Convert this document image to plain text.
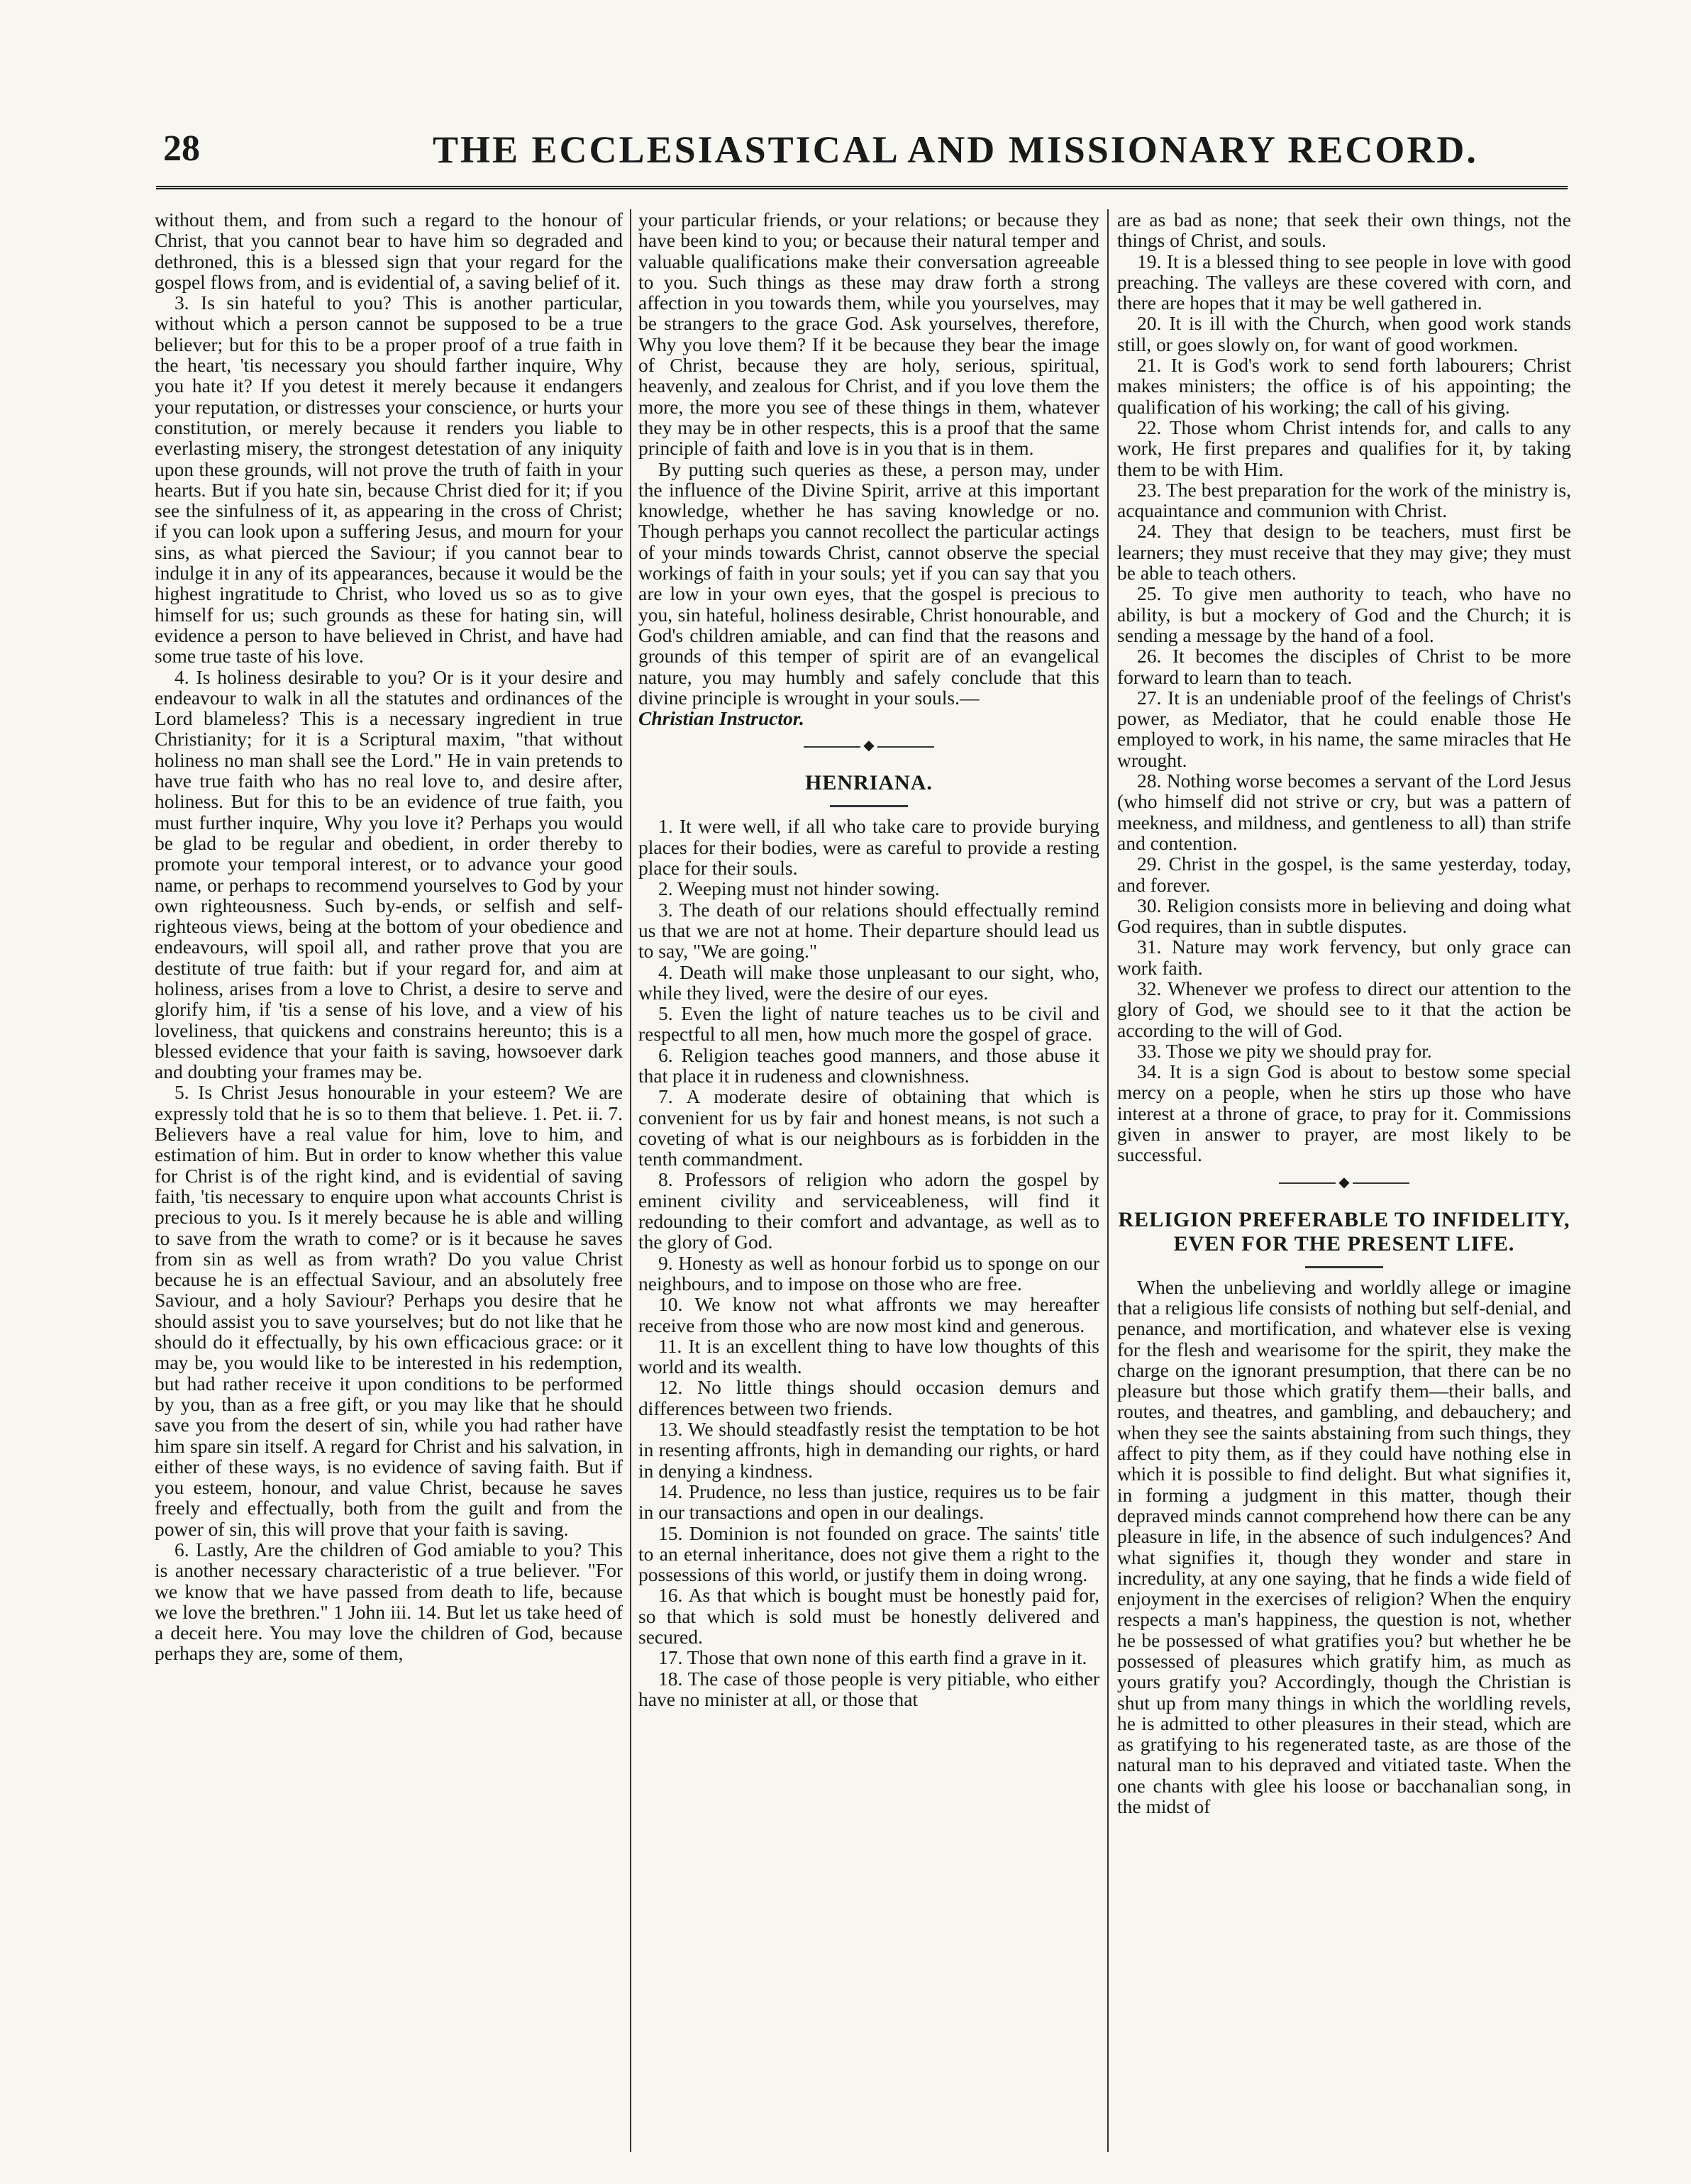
28	THE ECCLESIASTICAL AND MISSIONARY RECORD.

without them, and from such a regard to the honour of Christ, that you cannot bear to have him so degraded and dethroned, this is a blessed sign that your regard for the gospel flows from, and is evidential of, a saving belief of it.

3. Is sin hateful to you? This is another particular, without which a person cannot be supposed to be a true believer; but for this to be a proper proof of a true faith in the heart, 'tis necessary you should farther inquire, Why you hate it? If you detest it merely because it endangers your reputation, or distresses your conscience, or hurts your constitution, or merely because it renders you liable to everlasting misery, the strongest detestation of any iniquity upon these grounds, will not prove the truth of faith in your hearts. But if you hate sin, because Christ died for it; if you see the sinfulness of it, as appearing in the cross of Christ; if you can look upon a suffering Jesus, and mourn for your sins, as what pierced the Saviour; if you cannot bear to indulge it in any of its appearances, because it would be the highest ingratitude to Christ, who loved us so as to give himself for us; such grounds as these for hating sin, will evidence a person to have believed in Christ, and have had some true taste of his love.

4. Is holiness desirable to you? Or is it your desire and endeavour to walk in all the statutes and ordinances of the Lord blameless? This is a necessary ingredient in true Christianity; for it is a Scriptural maxim, "that without holiness no man shall see the Lord." He in vain pretends to have true faith who has no real love to, and desire after, holiness. But for this to be an evidence of true faith, you must further inquire, Why you love it? Perhaps you would be glad to be regular and obedient, in order thereby to promote your temporal interest, or to advance your good name, or perhaps to recommend yourselves to God by your own righteousness. Such by-ends, or selfish and self-righteous views, being at the bottom of your obedience and endeavours, will spoil all, and rather prove that you are destitute of true faith: but if your regard for, and aim at holiness, arises from a love to Christ, a desire to serve and glorify him, if 'tis a sense of his love, and a view of his loveliness, that quickens and constrains hereunto; this is a blessed evidence that your faith is saving, howsoever dark and doubting your frames may be.

5. Is Christ Jesus honourable in your esteem? We are expressly told that he is so to them that believe. 1. Pet. ii. 7. Believers have a real value for him, love to him, and estimation of him. But in order to know whether this value for Christ is of the right kind, and is evidential of saving faith, 'tis necessary to enquire upon what accounts Christ is precious to you. Is it merely because he is able and willing to save from the wrath to come? or is it because he saves from sin as well as from wrath? Do you value Christ because he is an effectual Saviour, and an absolutely free Saviour, and a holy Saviour? Perhaps you desire that he should assist you to save yourselves; but do not like that he should do it effectually, by his own efficacious grace: or it may be, you would like to be interested in his redemption, but had rather receive it upon conditions to be performed by you, than as a free gift, or you may like that he should save you from the desert of sin, while you had rather have him spare sin itself. A regard for Christ and his salvation, in either of these ways, is no evidence of saving faith. But if you esteem, honour, and value Christ, because he saves freely and effectually, both from the guilt and from the power of sin, this will prove that your faith is saving.

6. Lastly, Are the children of God amiable to you? This is another necessary characteristic of a true believer. "For we know that we have passed from death to life, because we love the brethren." 1 John iii. 14. But let us take heed of a deceit here. You may love the children of God, because perhaps they are, some of them,

your particular friends, or your relations; or because they have been kind to you; or because their natural temper and valuable qualifications make their conversation agreeable to you. Such things as these may draw forth a strong affection in you towards them, while you yourselves, may be strangers to the grace God. Ask yourselves, therefore, Why you love them? If it be because they bear the image of Christ, because they are holy, serious, spiritual, heavenly, and zealous for Christ, and if you love them the more, the more you see of these things in them, whatever they may be in other respects, this is a proof that the same principle of faith and love is in you that is in them.

By putting such queries as these, a person may, under the influence of the Divine Spirit, arrive at this important knowledge, whether he has saving knowledge or no. Though perhaps you cannot recollect the particular actings of your minds towards Christ, cannot observe the special workings of faith in your souls; yet if you can say that you are low in your own eyes, that the gospel is precious to you, sin hateful, holiness desirable, Christ honourable, and God's children amiable, and can find that the reasons and grounds of this temper of spirit are of an evangelical nature, you may humbly and safely conclude that this divine principle is wrought in your souls.—

Christian Instructor.

◆
HENRIANA.

1. It were well, if all who take care to provide burying places for their bodies, were as careful to provide a resting place for their souls.

2. Weeping must not hinder sowing.

3. The death of our relations should effectually remind us that we are not at home. Their departure should lead us to say, "We are going."

4. Death will make those unpleasant to our sight, who, while they lived, were the desire of our eyes.

5. Even the light of nature teaches us to be civil and respectful to all men, how much more the gospel of grace.

6. Religion teaches good manners, and those abuse it that place it in rudeness and clownishness.

7. A moderate desire of obtaining that which is convenient for us by fair and honest means, is not such a coveting of what is our neighbours as is forbidden in the tenth commandment.

8. Professors of religion who adorn the gospel by eminent civility and serviceableness, will find it redounding to their comfort and advantage, as well as to the glory of God.

9. Honesty as well as honour forbid us to sponge on our neighbours, and to impose on those who are free.

10. We know not what affronts we may hereafter receive from those who are now most kind and generous.

11. It is an excellent thing to have low thoughts of this world and its wealth.

12. No little things should occasion demurs and differences between two friends.

13. We should steadfastly resist the temptation to be hot in resenting affronts, high in demanding our rights, or hard in denying a kindness.

14. Prudence, no less than justice, requires us to be fair in our transactions and open in our dealings.

15. Dominion is not founded on grace. The saints' title to an eternal inheritance, does not give them a right to the possessions of this world, or justify them in doing wrong.

16. As that which is bought must be honestly paid for, so that which is sold must be honestly delivered and secured.

17. Those that own none of this earth find a grave in it.

18. The case of those people is very pitiable, who either have no minister at all, or those that

are as bad as none; that seek their own things, not the things of Christ, and souls.

19. It is a blessed thing to see people in love with good preaching. The valleys are these covered with corn, and there are hopes that it may be well gathered in.

20. It is ill with the Church, when good work stands still, or goes slowly on, for want of good workmen.

21. It is God's work to send forth labourers; Christ makes ministers; the office is of his appointing; the qualification of his working; the call of his giving.

22. Those whom Christ intends for, and calls to any work, He first prepares and qualifies for it, by taking them to be with Him.

23. The best preparation for the work of the ministry is, acquaintance and communion with Christ.

24. They that design to be teachers, must first be learners; they must receive that they may give; they must be able to teach others.

25. To give men authority to teach, who have no ability, is but a mockery of God and the Church; it is sending a message by the hand of a fool.

26. It becomes the disciples of Christ to be more forward to learn than to teach.

27. It is an undeniable proof of the feelings of Christ's power, as Mediator, that he could enable those He employed to work, in his name, the same miracles that He wrought.

28. Nothing worse becomes a servant of the Lord Jesus (who himself did not strive or cry, but was a pattern of meekness, and mildness, and gentleness to all) than strife and contention.

29. Christ in the gospel, is the same yesterday, today, and forever.

30. Religion consists more in believing and doing what God requires, than in subtle disputes.

31. Nature may work fervency, but only grace can work faith.

32. Whenever we profess to direct our attention to the glory of God, we should see to it that the action be according to the will of God.

33. Those we pity we should pray for.

34. It is a sign God is about to bestow some special mercy on a people, when he stirs up those who have interest at a throne of grace, to pray for it. Commissions given in answer to prayer, are most likely to be successful.

◆
RELIGION PREFERABLE TO INFIDELITY, EVEN FOR THE PRESENT LIFE.

When the unbelieving and worldly allege or imagine that a religious life consists of nothing but self-denial, and penance, and mortification, and whatever else is vexing for the flesh and wearisome for the spirit, they make the charge on the ignorant presumption, that there can be no pleasure but those which gratify them—their balls, and routes, and theatres, and gambling, and debauchery; and when they see the saints abstaining from such things, they affect to pity them, as if they could have nothing else in which it is possible to find delight. But what signifies it, in forming a judgment in this matter, though their depraved minds cannot comprehend how there can be any pleasure in life, in the absence of such indulgences? And what signifies it, though they wonder and stare in incredulity, at any one saying, that he finds a wide field of enjoyment in the exercises of religion? When the enquiry respects a man's happiness, the question is not, whether he be possessed of what gratifies you? but whether he be possessed of pleasures which gratify him, as much as yours gratify you? Accordingly, though the Christian is shut up from many things in which the worldling revels, he is admitted to other pleasures in their stead, which are as gratifying to his regenerated taste, as are those of the natural man to his depraved and vitiated taste. When the one chants with glee his loose or bacchanalian song, in the midst of
